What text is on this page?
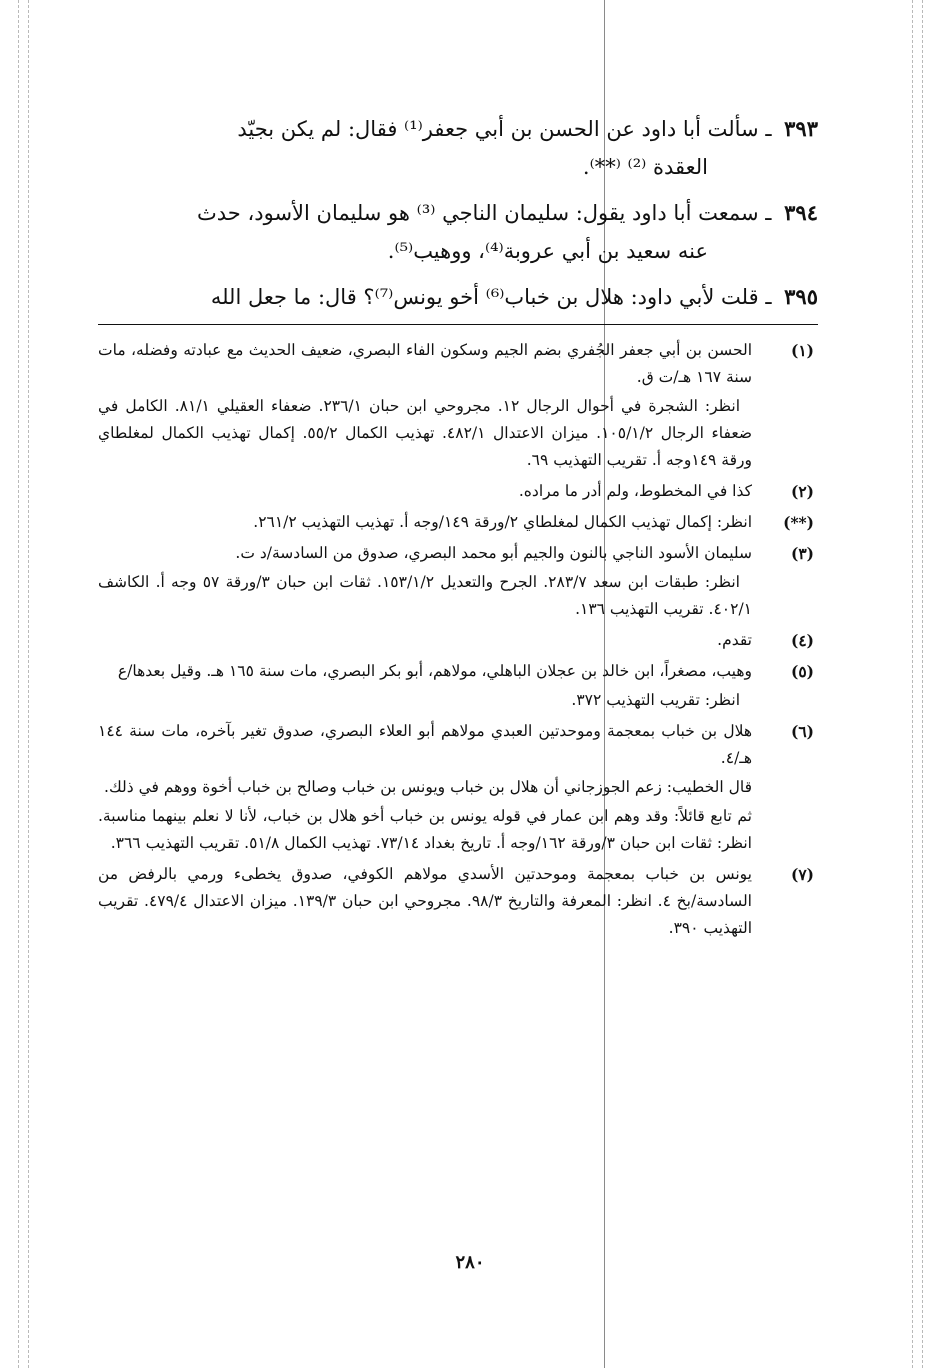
٣٩٣ ـ سألت أبا داود عن الحسن بن أبي جعفر⁽¹⁾ فقال: لم يكن بجيّد
العقدة ⁽²⁾ ⁽**⁾.
٣٩٤ ـ سمعت أبا داود يقول: سليمان الناجي ⁽³⁾ هو سليمان الأسود، حدث
عنه سعيد بن أبي عروبة⁽⁴⁾، ووهيب⁽⁵⁾.
٣٩٥ ـ قلت لأبي داود: هلال بن خباب⁽⁶⁾ أخو يونس⁽⁷⁾؟ قال: ما جعل الله
(١)
الحسن بن أبي جعفر الجُفري بضم الجيم وسكون الفاء البصري، ضعيف الحديث مع عبادته وفضله، مات سنة ١٦٧ هـ/ت ق.
انظر: الشجرة في أحوال الرجال ١٢. مجروحي ابن حبان ٢٣٦/١. ضعفاء العقيلي ٨١/١. الكامل في ضعفاء الرجال ١٠٥/١/٢. ميزان الاعتدال ٤٨٢/١. تهذيب الكمال ٥٥/٢. إكمال تهذيب الكمال لمغلطاي ورقة ١٤٩وجه أ. تقريب التهذيب ٦٩.
(٢)
كذا في المخطوط، ولم أدر ما مراده.
(**)
انظر: إكمال تهذيب الكمال لمغلطاي ٢/ورقة ١٤٩/وجه أ. تهذيب التهذيب ٢٦١/٢.
(٣)
سليمان الأسود الناجي بالنون والجيم أبو محمد البصري، صدوق من السادسة/د ت.
انظر: طبقات ابن سعد ٢٨٣/٧. الجرح والتعديل ١٥٣/١/٢. ثقات ابن حبان ٣/ورقة ٥٧ وجه أ. الكاشف ٤٠٢/١. تقريب التهذيب ١٣٦.
(٤)
تقدم.
(٥)
وهيب، مصغراً، ابن خالد بن عجلان الباهلي، مولاهم، أبو بكر البصري، مات سنة ١٦٥ هـ. وقيل بعدها/ع
انظر: تقريب التهذيب ٣٧٢.
(٦)
هلال بن خباب بمعجمة وموحدتين العبدي مولاهم أبو العلاء البصري، صدوق تغير بآخره، مات سنة ١٤٤ هـ/٤.
قال الخطيب: زعم الجوزجاني أن هلال بن خباب ويونس بن خباب وصالح بن خباب أخوة ووهم في ذلك.
ثم تابع قائلاً: وقد وهم ابن عمار في قوله يونس بن خباب أخو هلال بن خباب، لأنا لا نعلم بينهما مناسبة. انظر: ثقات ابن حبان ٣/ورقة ١٦٢/وجه أ. تاريخ بغداد ٧٣/١٤. تهذيب الكمال ٥١/٨. تقريب التهذيب ٣٦٦.
(٧)
يونس بن خباب بمعجمة وموحدتين الأسدي مولاهم الكوفي، صدوق يخطىء ورمي بالرفض من السادسة/بخ ٤. انظر: المعرفة والتاريخ ٩٨/٣. مجروحي ابن حبان ١٣٩/٣. ميزان الاعتدال ٤٧٩/٤. تقريب التهذيب ٣٩٠.
٢٨٠
